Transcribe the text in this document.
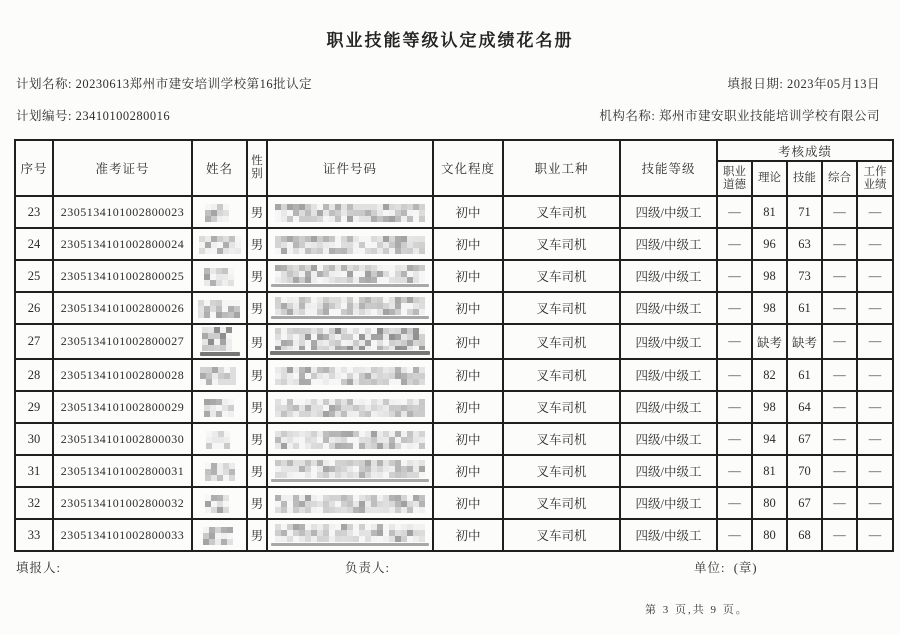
职业技能等级认定成绩花名册
计划名称: 20230613郑州市建安培训学校第16批认定	填报日期: 2023年05月13日
计划编号: 23410100280016	机构名称: 郑州市建安职业技能培训学校有限公司
序号	准考证号	姓名	性别	证件号码	文化程度	职业工种	技能等级	考核成绩				
								职业道德	理论	技能	综合	工作业绩
23	2305134101002800023		男		初中	叉车司机	四级/中级工	—	81	71	—	—
24	2305134101002800024		男		初中	叉车司机	四级/中级工	—	96	63	—	—
25	2305134101002800025		男		初中	叉车司机	四级/中级工	—	98	73	—	—
26	2305134101002800026		男		初中	叉车司机	四级/中级工	—	98	61	—	—
27	2305134101002800027		男		初中	叉车司机	四级/中级工	—	缺考	缺考	—	—
28	2305134101002800028		男		初中	叉车司机	四级/中级工	—	82	61	—	—
29	2305134101002800029		男		初中	叉车司机	四级/中级工	—	98	64	—	—
30	2305134101002800030		男		初中	叉车司机	四级/中级工	—	94	67	—	—
31	2305134101002800031		男		初中	叉车司机	四级/中级工	—	81	70	—	—
32	2305134101002800032		男		初中	叉车司机	四级/中级工	—	80	67	—	—
33	2305134101002800033		男		初中	叉车司机	四级/中级工	—	80	68	—	—
填报人:	负责人:	单位: (章)
第 3 页,共 9 页。
